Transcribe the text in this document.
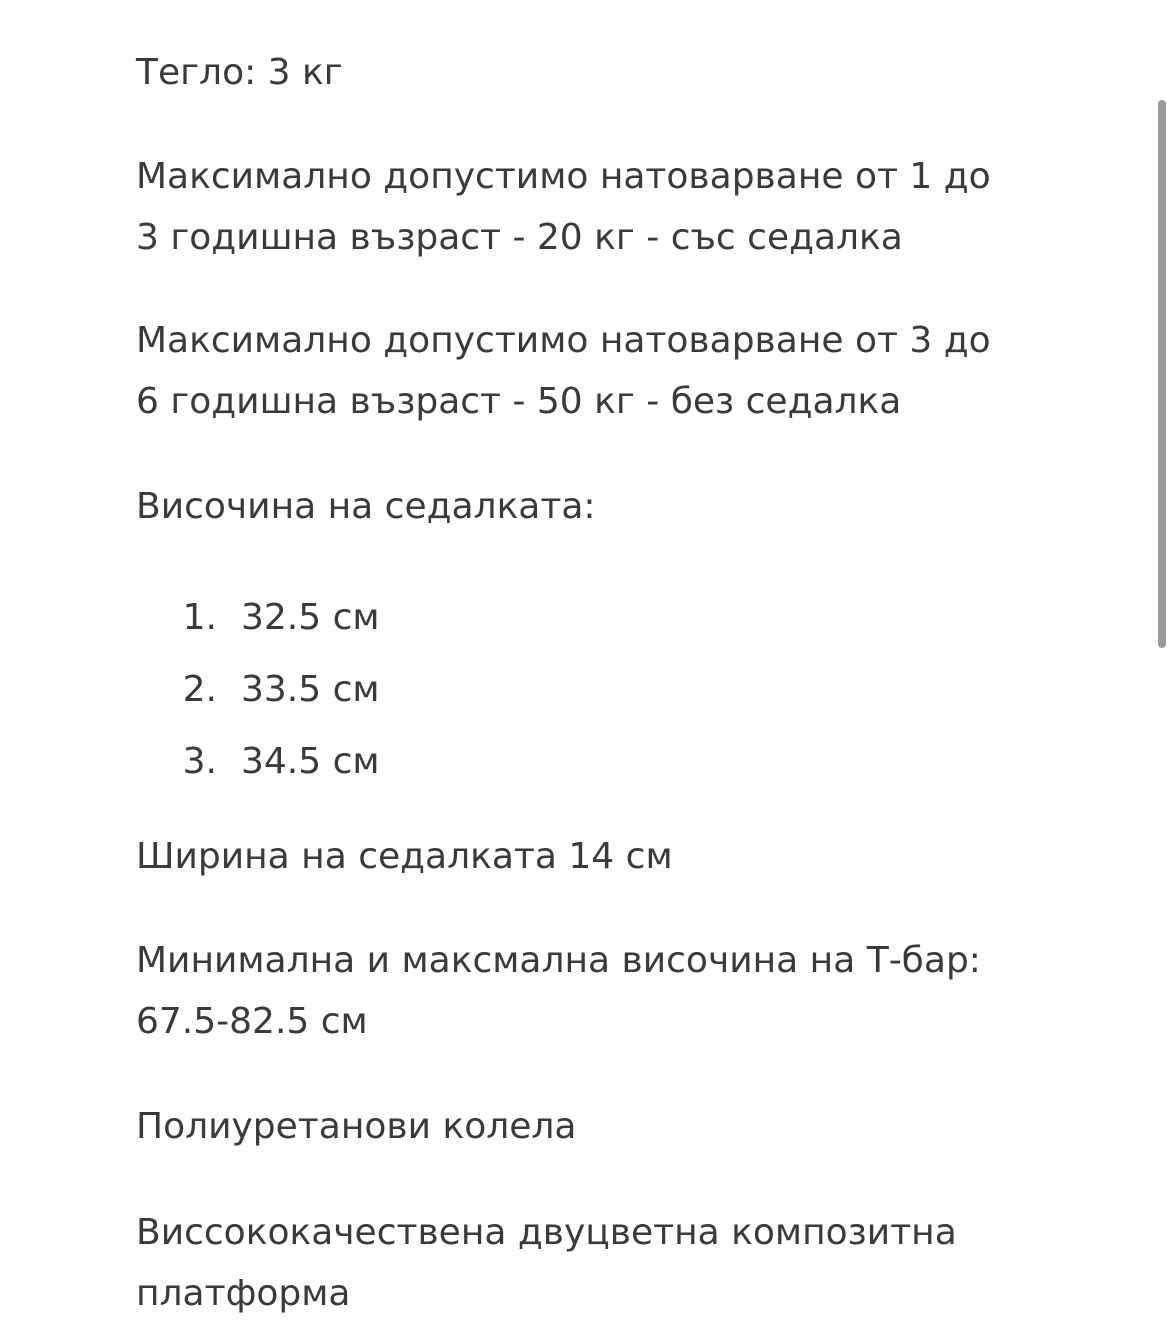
Тегло: 3 кг

Максимално допустимо натоварване от 1 до
3 годишна възраст - 20 кг - със седалка

Максимално допустимо натоварване от 3 до
6 годишна възраст - 50 кг - без седалка

Височина на седалката:

1. 32.5 см
2. 33.5 см
3. 34.5 см

Ширина на седалката 14 см

Минимална и максмална височина на Т-бар:
67.5-82.5 см

Полиуретанови колела

Виссококачествена двуцветна композитна
платформа
